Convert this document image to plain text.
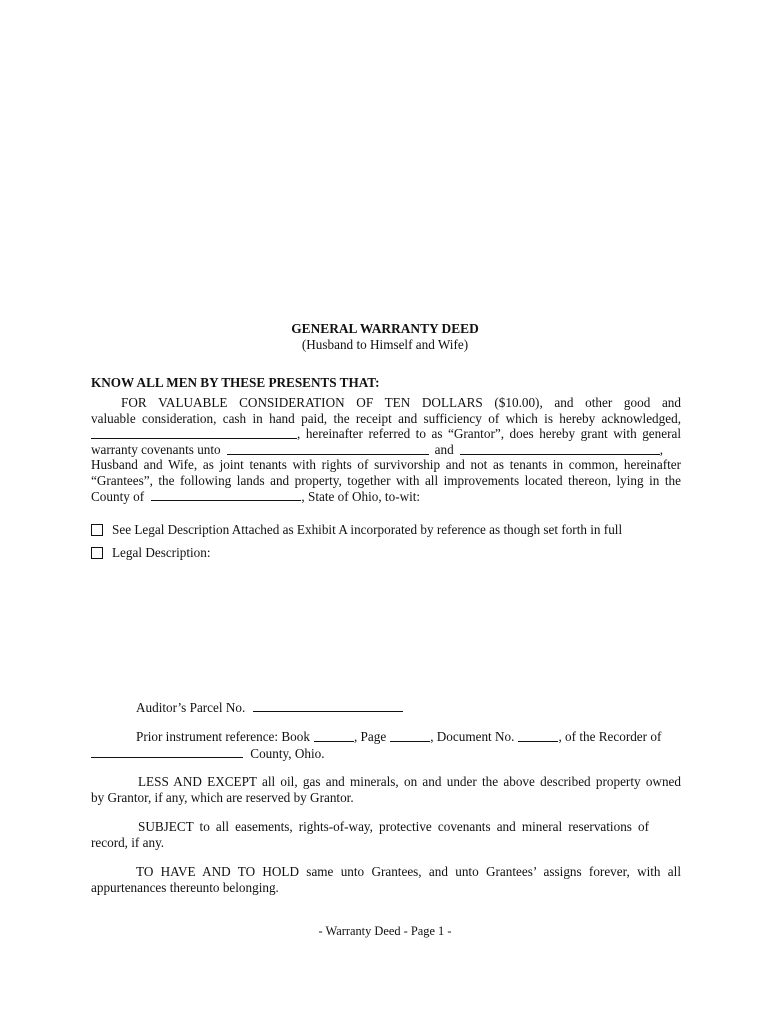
GENERAL WARRANTY DEED
(Husband to Himself and Wife)
KNOW ALL MEN BY THESE PRESENTS THAT:
FOR VALUABLE CONSIDERATION OF TEN DOLLARS ($10.00), and other good and
valuable consideration, cash in hand paid, the receipt and sufficiency of which is hereby acknowledged,
, hereinafter referred to as “Grantor”, does hereby grant with general
warranty covenants unto	and	,
Husband and Wife, as joint tenants with rights of survivorship and not as tenants in common, hereinafter
“Grantees”, the following lands and property, together with all improvements located thereon, lying in the
County of	, State of Ohio, to-wit:
See Legal Description Attached as Exhibit A incorporated by reference as though set forth in full
Legal Description:
Auditor’s Parcel No.
Prior instrument reference: Book	, Page	, Document No.	, of the Recorder of
County, Ohio.
LESS AND EXCEPT all oil, gas and minerals, on and under the above described property owned
by Grantor, if any, which are reserved by Grantor.
SUBJECT to all easements, rights-of-way, protective covenants and mineral reservations of
record, if any.
TO HAVE AND TO HOLD same unto Grantees, and unto Grantees’ assigns forever, with all
appurtenances thereunto belonging.
- Warranty Deed - Page 1 -
